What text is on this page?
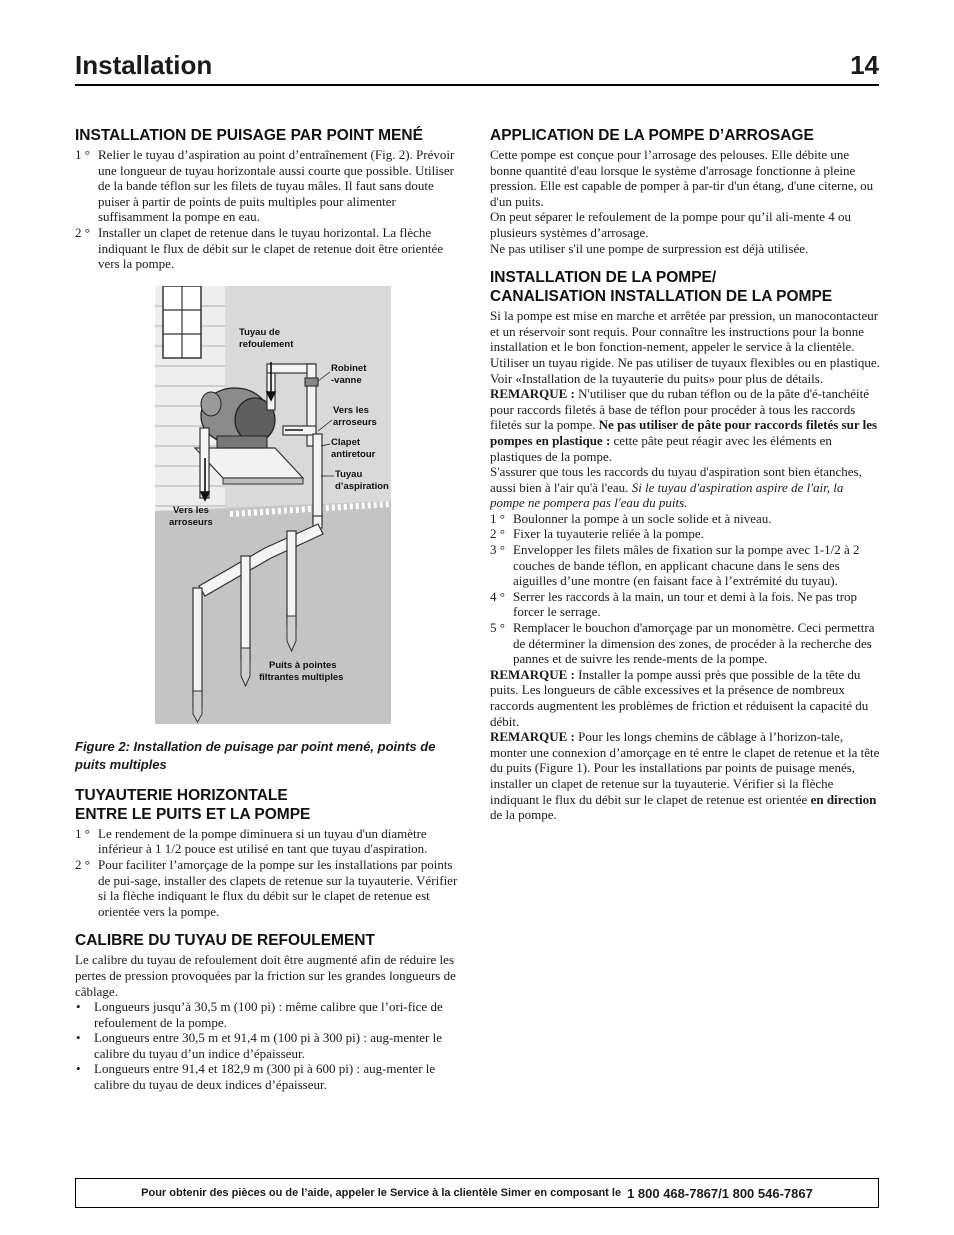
Installation	14
INSTALLATION DE PUISAGE PAR POINT MENÉ
1 ° Relier le tuyau d’aspiration au point d’entraînement (Fig. 2). Prévoir une longueur de tuyau horizontale aussi courte que possible. Utiliser de la bande téflon sur les filets de tuyau mâles. Il faut sans doute puiser à partir de points de puits multiples pour alimenter suffisamment la pompe en eau.
2 ° Installer un clapet de retenue dans le tuyau horizontal. La flèche indiquant le flux de débit sur le clapet de retenue doit être orientée vers la pompe.
Tuyau de
refoulement
Robinet
-vanne
Vers les
arroseurs
Clapet
antiretour
Tuyau
d’aspiration
Vers les
arroseurs
Puits à pointes
filtrantes multiples
Figure 2: Installation de puisage par point mené, points de puits multiples
TUYAUTERIE HORIZONTALE
ENTRE LE PUITS ET LA POMPE
1 ° Le rendement de la pompe diminuera si un tuyau d'un diamètre inférieur à 1 1/2 pouce est utilisé en tant que tuyau d'aspiration.
2 ° Pour faciliter l’amorçage de la pompe sur les installations par points de pui-sage, installer des clapets de retenue sur la tuyauterie. Vérifier si la flèche indiquant le flux du débit sur le clapet de retenue est orientée vers la pompe.
CALIBRE DU TUYAU DE REFOULEMENT

Le calibre du tuyau de refoulement doit être augmenté afin de réduire les pertes de pression provoquées par la friction sur les grandes longueurs de câblage.

•	Longueurs jusqu’à 30,5 m (100 pi) : même calibre que l’ori-fice de refoulement de la pompe.
•	Longueurs entre 30,5 m et 91,4 m (100 pi à 300 pi) : aug-menter le calibre du tuyau d’un indice d’épaisseur.
•	Longueurs entre 91,4 et 182,9 m (300 pi à 600 pi) : aug-menter le calibre du tuyau de deux indices d’épaisseur.
APPLICATION DE LA POMPE D’ARROSAGE

Cette pompe est conçue pour l’arrosage des pelouses. Elle débite une bonne quantité d'eau lorsque le système d'arrosage fonctionne à pleine pression. Elle est capable de pomper à par-tir d'un étang, d'une citerne, ou d'un puits.

On peut séparer le refoulement de la pompe pour qu’il ali-mente 4 ou plusieurs systèmes d’arrosage.

Ne pas utiliser s'il une pompe de surpression est déjà utilisée.

INSTALLATION DE LA POMPE/
CANALISATION INSTALLATION DE LA POMPE

Si la pompe est mise en marche et arrêtée par pression, un manocontacteur et un réservoir sont requis. Pour connaître les instructions pour la bonne installation et le bon fonction-nement, appeler le service à la clientèle.

Utiliser un tuyau rigide. Ne pas utiliser de tuyaux flexibles ou en plastique. Voir «Installation de la tuyauterie du puits» pour plus de détails.

REMARQUE : N'utiliser que du ruban téflon ou de la pâte d'é-tanchéité pour raccords filetés à base de téflon pour procéder à tous les raccords filetés sur la pompe. Ne pas utiliser de pâte pour raccords filetés sur les pompes en plastique : cette pâte peut réagir avec les éléments en plastiques de la pompe.

S'assurer que tous les raccords du tuyau d'aspiration sont bien étanches, aussi bien à l'air qu'à l'eau. Si le tuyau d'aspiration aspire de l'air, la pompe ne pompera pas l'eau du puits.

1 ° Boulonner la pompe à un socle solide et à niveau.
2 ° Fixer la tuyauterie reliée à la pompe.
3 ° Envelopper les filets mâles de fixation sur la pompe avec 1-1/2 à 2 couches de bande téflon, en applicant chacune dans le sens des aiguilles d’une montre (en faisant face à l’extrémité du tuyau).
4 ° Serrer les raccords à la main, un tour et demi à la fois. Ne pas trop forcer le serrage.
5 ° Remplacer le bouchon d'amorçage par un monomètre. Ceci permettra de déterminer la dimension des zones, de procéder à la recherche des pannes et de suivre les rende-ments de la pompe.

REMARQUE : Installer la pompe aussi près que possible de la tête du puits. Les longueurs de câble excessives et la présence de nombreux raccords augmentent les problèmes de friction et réduisent la capacité du débit.

REMARQUE : Pour les longs chemins de câblage à l’horizon-tale, monter une connexion d’amorçage en té entre le clapet de retenue et la tête du puits (Figure 1). Pour les installations par points de puisage menés, installer un clapet de retenue sur la tuyauterie. Vérifier si la flèche indiquant le flux du débit sur le clapet de retenue est orientée en direction de la pompe.

Pour obtenir des pièces ou de l’aide, appeler le Service à la clientèle Simer en composant le 1 800 468-7867/1 800 546-7867
